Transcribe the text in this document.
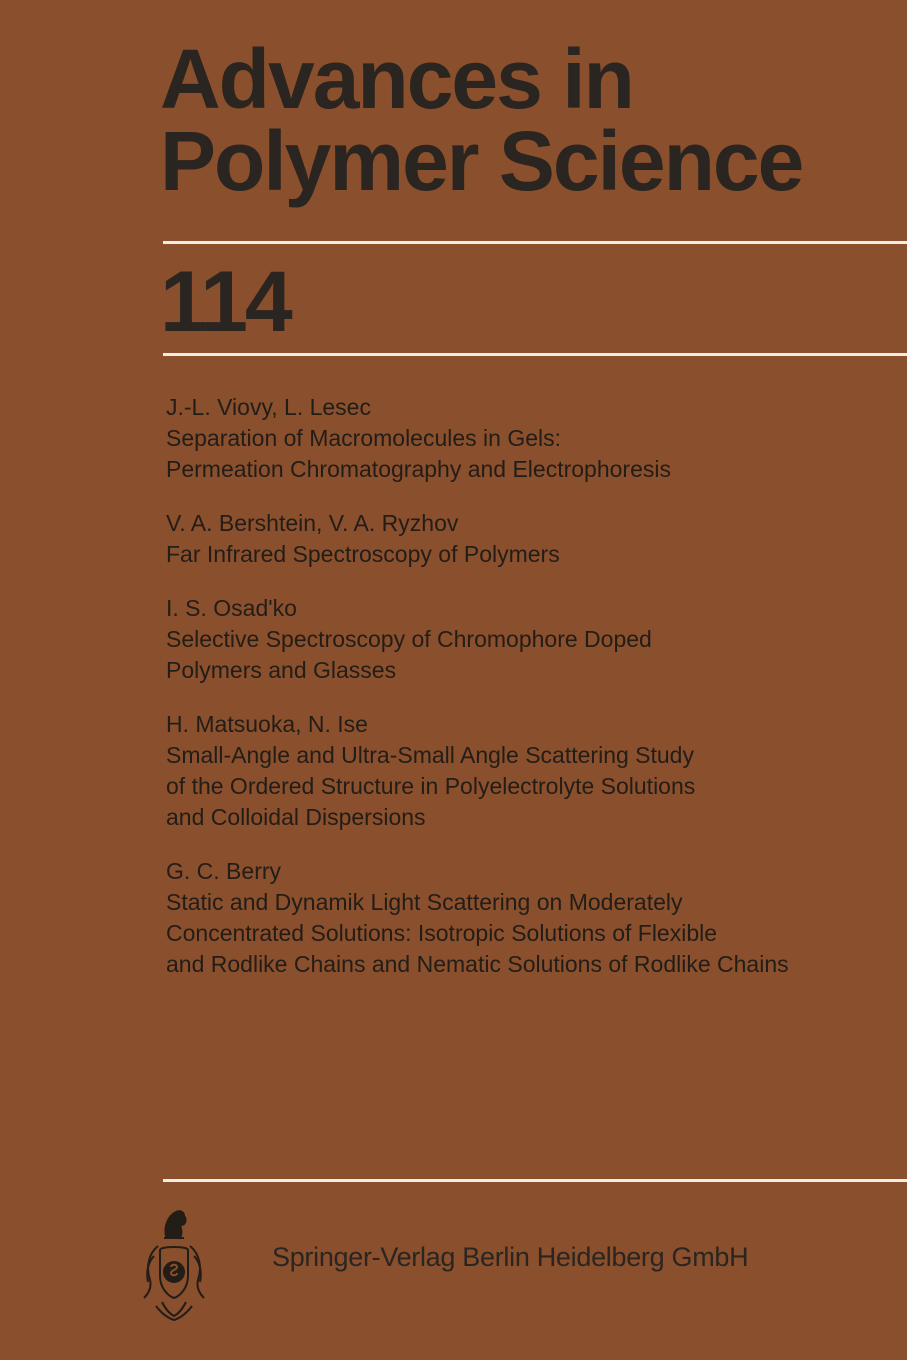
Advances in
Polymer Science
114
J.-L. Viovy, L. Lesec
Separation of Macromolecules in Gels:
Permeation Chromatography and Electrophoresis
V. A. Bershtein, V. A. Ryzhov
Far Infrared Spectroscopy of Polymers
I. S. Osad'ko
Selective Spectroscopy of Chromophore Doped
Polymers and Glasses
H. Matsuoka, N. Ise
Small-Angle and Ultra-Small Angle Scattering Study
of the Ordered Structure in Polyelectrolyte Solutions
and Colloidal Dispersions
G. C. Berry
Static and Dynamik Light Scattering on Moderately
Concentrated Solutions: Isotropic Solutions of Flexible
and Rodlike Chains and Nematic Solutions of Rodlike Chains
Springer-Verlag Berlin Heidelberg GmbH
